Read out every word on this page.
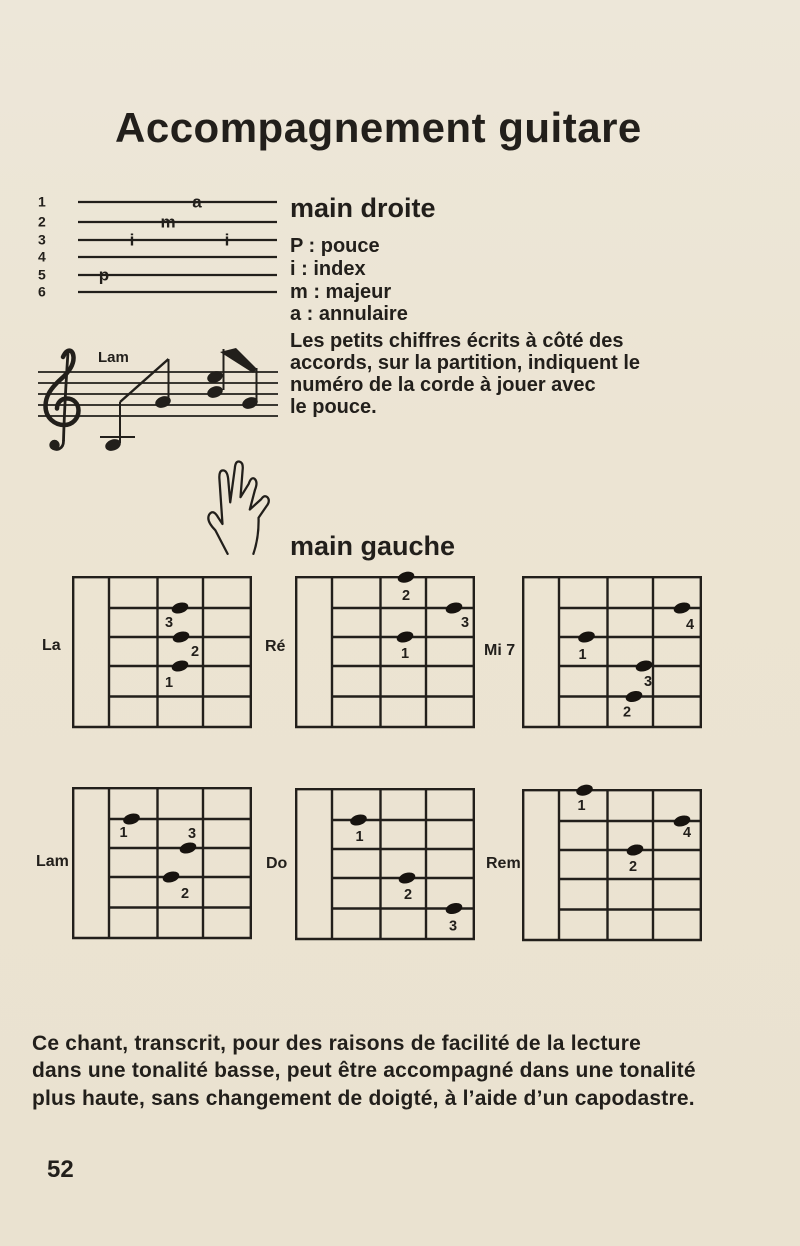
Accompagnement guitare
1
2
3
4
5
6
a
m
i	i
p
main droite
P : pouce
i : index
m : majeur
a : annulaire
Les petits chiffres écrits à côté des
accords, sur la partition, indiquent le
numéro de la corde à jouer avec
le pouce.
Lam
main gauche
La
3
2
1
Ré
2
3
1	Mi 7
4
1
3
2
Lam
1	3
2
Do
1
2
3
Rem
1
4
2
Ce chant, transcrit, pour des raisons de facilité de la lecture
dans une tonalité basse, peut être accompagné dans une tonalité
plus haute, sans changement de doigté, à l’aide d’un capodastre.
52
